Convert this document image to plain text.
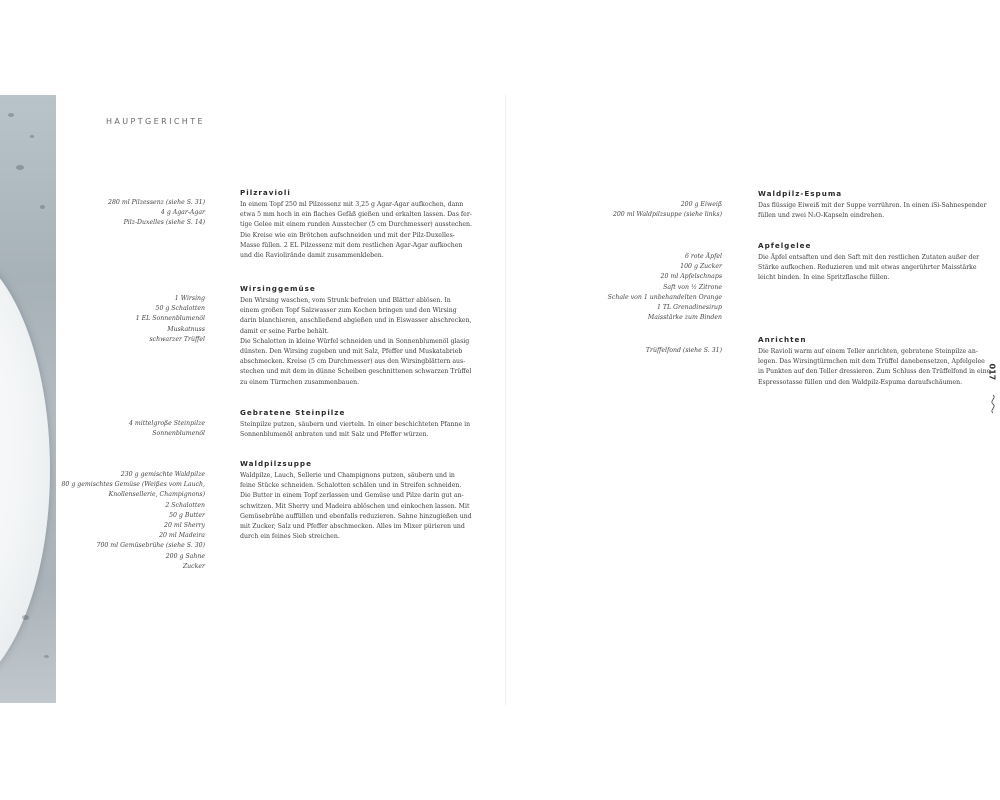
HAUPTGERICHTE
017
280 ml Pilzessenz (siehe S. 31)
4 g Agar-Agar
Pilz-Duxelles (siehe S. 14)
Pilzravioli
In einem Topf 250 ml Pilzessenz mit 3,25 g Agar-Agar aufkochen, dann
etwa 5 mm hoch in ein flaches Gefäß gießen und erkalten lassen. Das fer-
tige Gelee mit einem runden Ausstecher (5 cm Durchmesser) ausstechen.
Die Kreise wie ein Brötchen aufschneiden und mit der Pilz-Duxelles-
Masse füllen. 2 EL Pilzessenz mit dem restlichen Agar-Agar aufkochen
und die Raviolirände damit zusammenkleben.
1 Wirsing
50 g Schalotten
1 EL Sonnenblumenöl
Muskatnuss
schwarzer Trüffel
Wirsinggemüse
Den Wirsing waschen, vom Strunk befreien und Blätter ablösen. In
einem großen Topf Salzwasser zum Kochen bringen und den Wirsing
darin blanchieren, anschließend abgießen und in Eiswasser abschrecken,
damit er seine Farbe behält.
Die Schalotten in kleine Würfel schneiden und in Sonnenblumenöl glasig
dünsten. Den Wirsing zugeben und mit Salz, Pfeffer und Muskatabrieb
abschmecken. Kreise (5 cm Durchmesser) aus den Wirsingblättern aus-
stechen und mit dem in dünne Scheiben geschnittenen schwarzen Trüffel
zu einem Türmchen zusammenbauen.
4 mittelgroße Steinpilze
Sonnenblumenöl
Gebratene Steinpilze
Steinpilze putzen, säubern und vierteln. In einer beschichteten Pfanne in
Sonnenblumenöl anbraten und mit Salz und Pfeffer würzen.
230 g gemischte Waldpilze
80 g gemischtes Gemüse (Weißes vom Lauch,
Knollensellerie, Champignons)
2 Schalotten
50 g Butter
20 ml Sherry
20 ml Madeira
700 ml Gemüsebrühe (siehe S. 30)
200 g Sahne
Zucker
Waldpilzsuppe
Waldpilze, Lauch, Sellerie und Champignons putzen, säubern und in
feine Stücke schneiden. Schalotten schälen und in Streifen schneiden.
Die Butter in einem Topf zerlassen und Gemüse und Pilze darin gut an-
schwitzen. Mit Sherry und Madeira ablöschen und einkochen lassen. Mit
Gemüsebrühe auffüllen und ebenfalls reduzieren. Sahne hinzugießen und
mit Zucker, Salz und Pfeffer abschmecken. Alles im Mixer pürieren und
durch ein feines Sieb streichen.
200 g Eiweiß
200 ml Waldpilzsuppe (siehe links)
Waldpilz-Espuma
Das flüssige Eiweiß mit der Suppe verrühren. In einen iSi-Sahnespender
füllen und zwei N₂O-Kapseln eindrehen.
6 rote Äpfel
100 g Zucker
20 ml Apfelschnaps
Saft von ½ Zitrone
Schale von 1 unbehandelten Orange
1 TL Grenadinesirup
Maisstärke zum Binden
Apfelgelee
Die Äpfel entsaften und den Saft mit den restlichen Zutaten außer der
Stärke aufkochen. Reduzieren und mit etwas angerührter Maisstärke
leicht binden. In eine Spritzflasche füllen.
Trüffelfond (siehe S. 31)
Anrichten
Die Ravioli warm auf einem Teller anrichten, gebratene Steinpilze an-
legen. Das Wirsingtürmchen mit dem Trüffel danebensetzen, Apfelgelee
in Punkten auf den Teller dressieren. Zum Schluss den Trüffelfond in eine
Espressotasse füllen und den Waldpilz-Espuma daraufschäumen.
